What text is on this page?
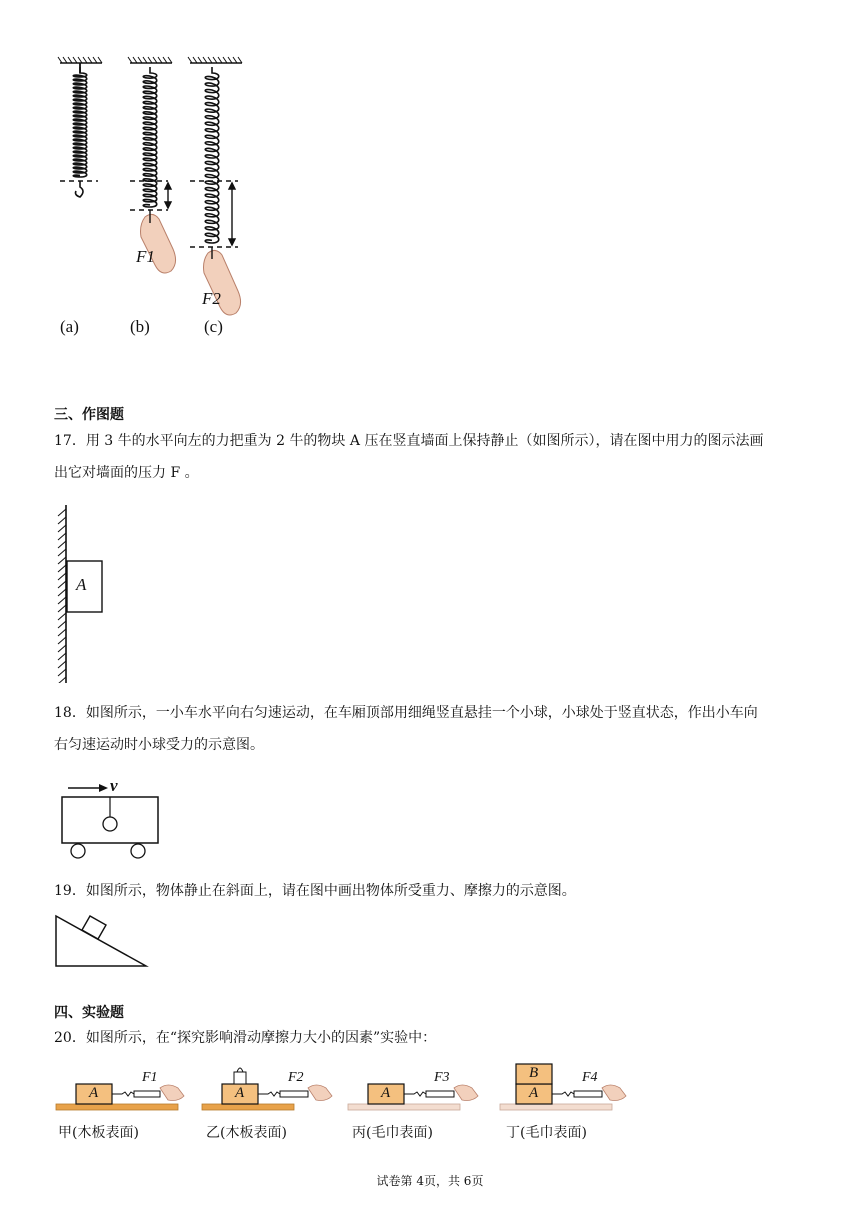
F1
F2
(a)	(b)	(c)
三、作图题
17．用 3 牛的水平向左的力把重为 2 牛的物块 A 压在竖直墙面上保持静止（如图所示），请在图中用力的图示法画
出它对墙面的压力 F 。
A
18．如图所示，一小车水平向右匀速运动，在车厢顶部用细绳竖直悬挂一个小球，小球处于竖直状态，作出小车向
右匀速运动时小球受力的示意图。
v
19．如图所示，物体静止在斜面上，请在图中画出物体所受重力、摩擦力的示意图。
四、实验题
20．如图所示，在“探究影响滑动摩擦力大小的因素”实验中：
A	A	A
B
A
F1	F2	F3	F4
甲(木板表面)	乙(木板表面)	丙(毛巾表面)	丁(毛巾表面)
试卷第 4页，共 6页
